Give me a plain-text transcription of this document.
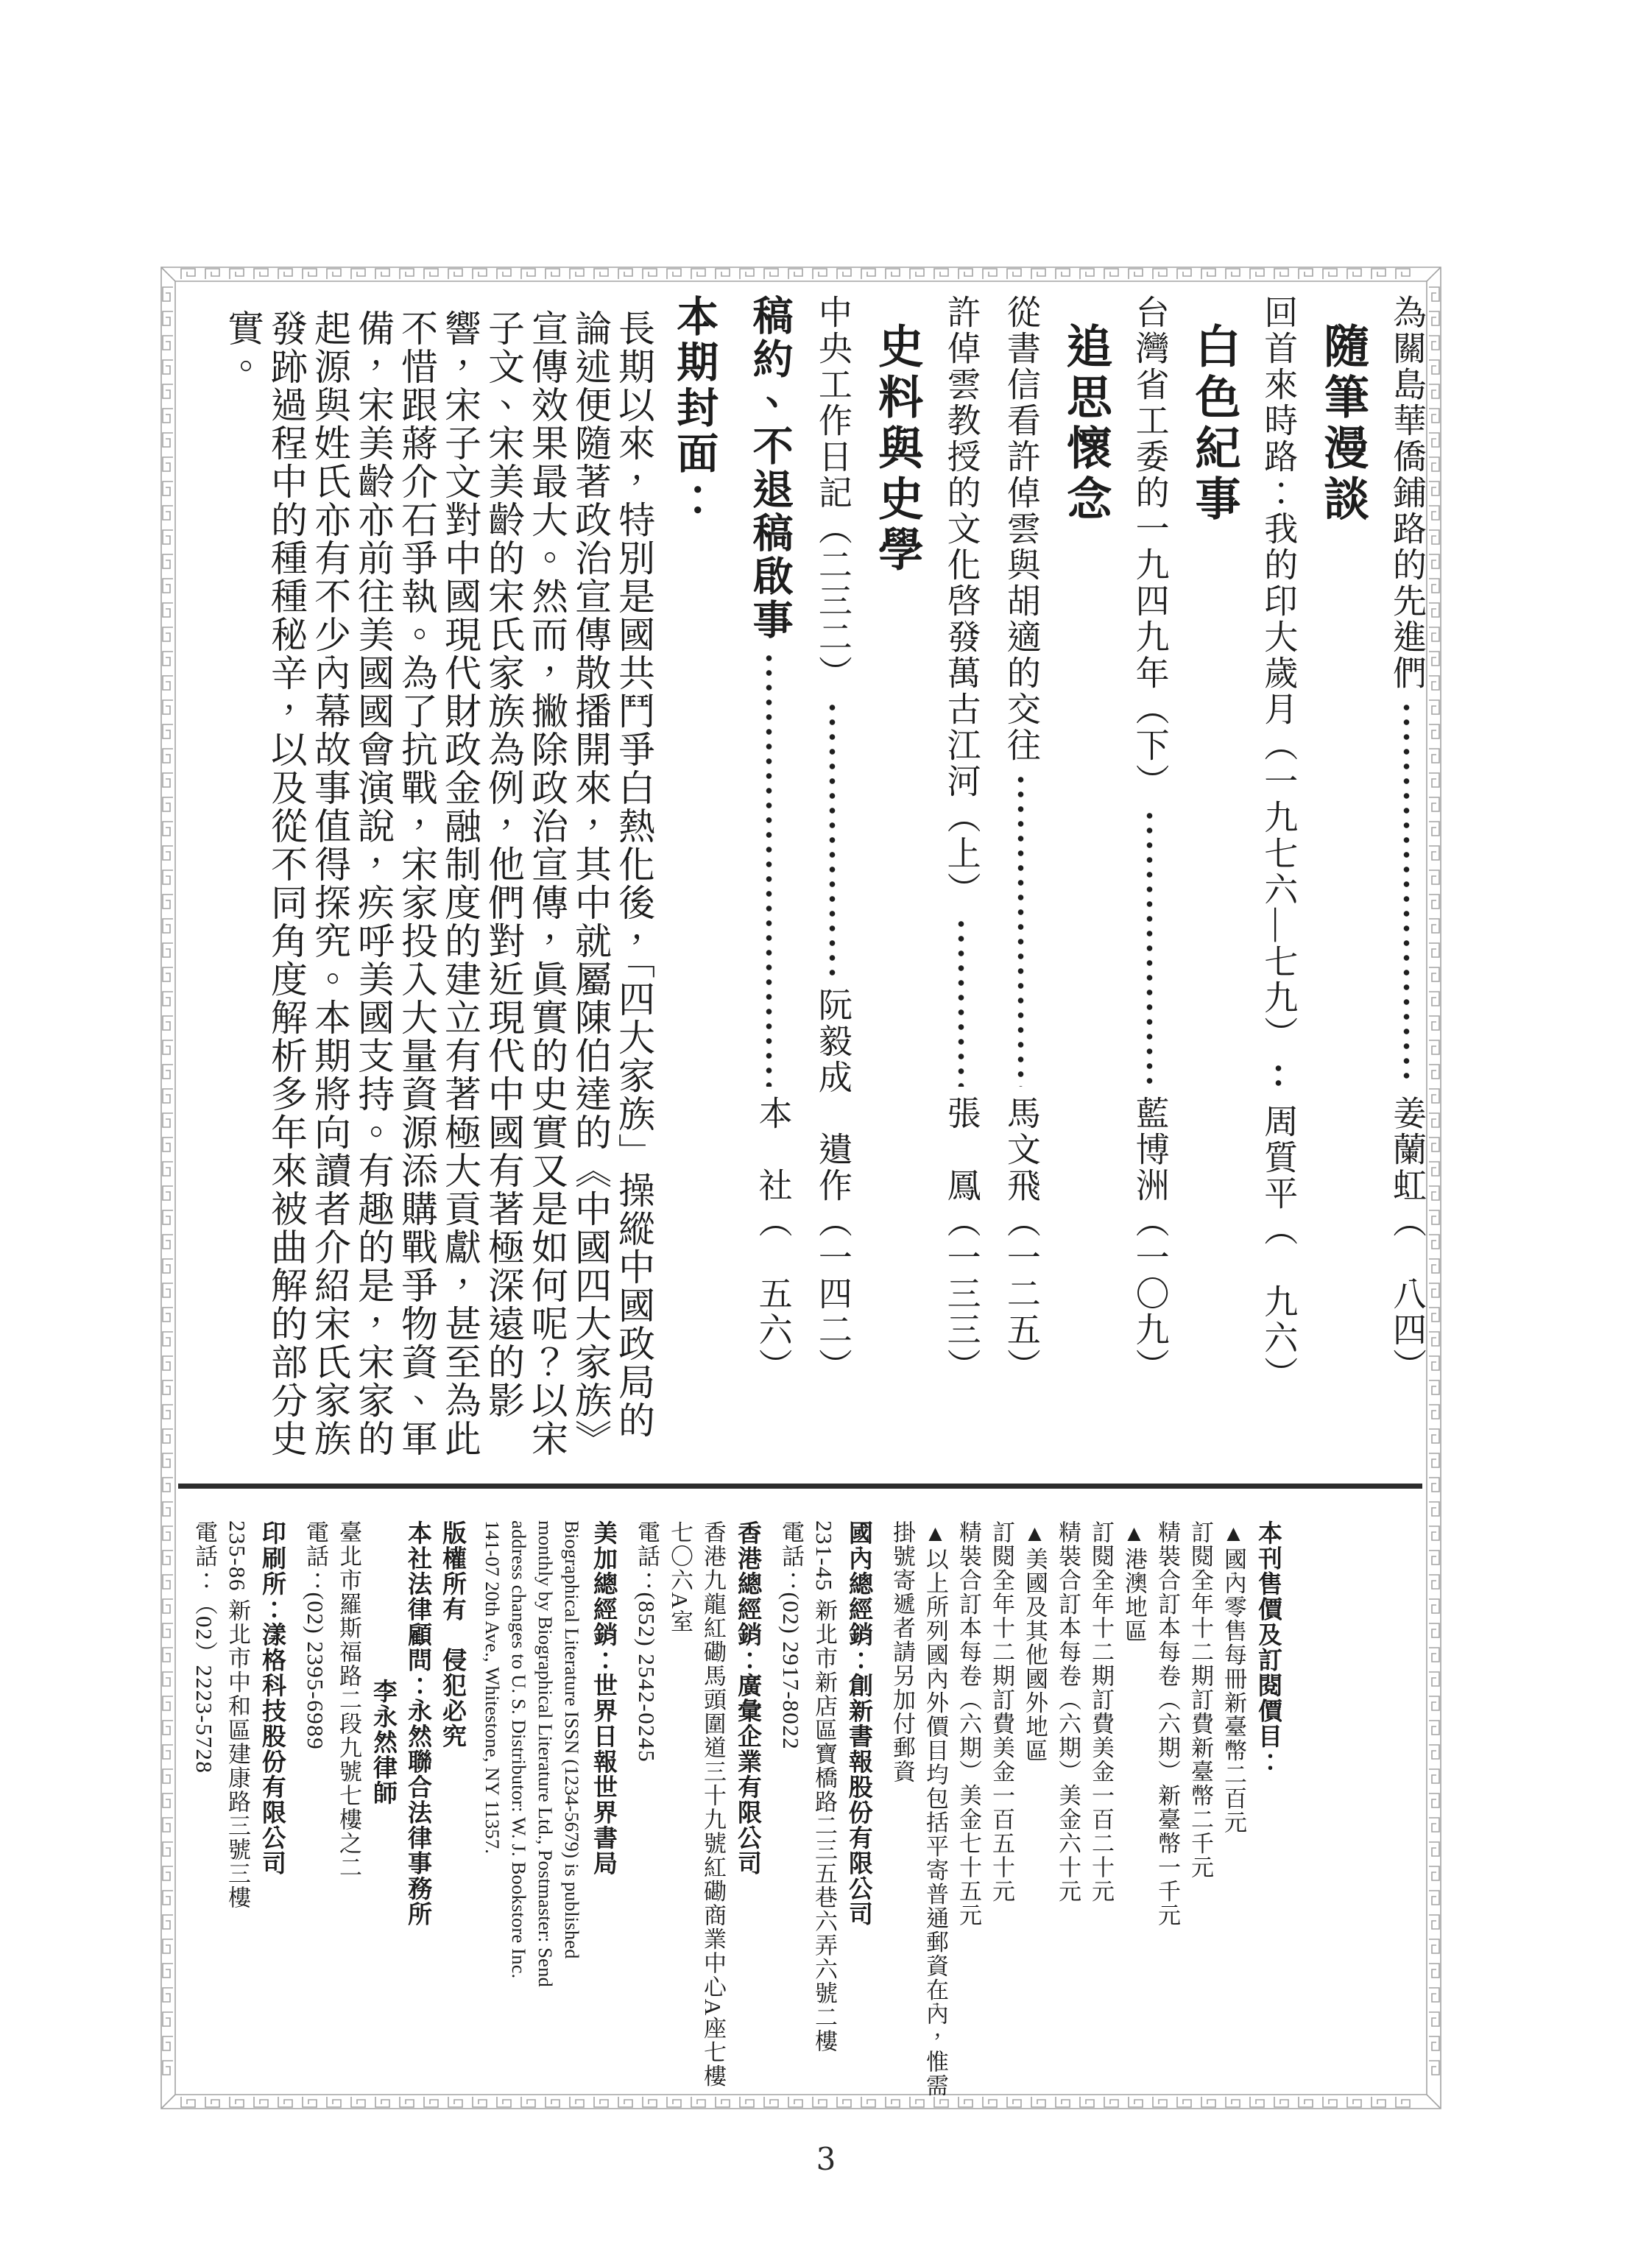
為關島華僑鋪路的先進們
姜蘭虹
（　八四）
隨筆漫談
回首來時路：我的印大歲月（一九七六—七九）
周質平
（　九六）
白色紀事
台灣省工委的一九四九年（下）
藍博洲
（一〇九）
追思懷念
從書信看許倬雲與胡適的交往
馬文飛
（一二五）
許倬雲教授的文化啓發萬古江河（上）
張　鳳
（一三三）
史料與史學
中央工作日記（二三二）
阮毅成　遺作
（一四二）
稿約、不退稿啟事
本　社
（　五六）
本期封面：
長期以來，特別是國共鬥爭白熱化後，「四大家族」操縱中國政局的論述便隨著政治宣傳散播開來，其中就屬陳伯達的《中國四大家族》宣傳效果最大。然而，撇除政治宣傳，眞實的史實又是如何呢？以宋子文、宋美齡的宋氏家族為例，他們對近現代中國有著極深遠的影響，宋子文對中國現代財政金融制度的建立有著極大貢獻，甚至為此不惜跟蔣介石爭執。為了抗戰，宋家投入大量資源添購戰爭物資、軍備，宋美齡亦前往美國國會演說，疾呼美國支持。有趣的是，宋家的起源與姓氏亦有不少內幕故事值得探究。本期將向讀者介紹宋氏家族發跡過程中的種種秘辛，以及從不同角度解析多年來被曲解的部分史實。
本刊售價及訂閱價目：
▲國內零售每冊新臺幣二百元
訂閱全年十二期訂費新臺幣二千元
精裝合訂本每卷（六期）新臺幣一千元
▲港澳地區
訂閱全年十二期訂費美金一百二十元
精裝合訂本每卷（六期）美金六十元
▲美國及其他國外地區
訂閱全年十二期訂費美金一百五十元
精裝合訂本每卷（六期）美金七十五元
▲以上所列國內外價目均包括平寄普通郵資在內，惟需
掛號寄遞者請另加付郵資
國內總經銷：創新書報股份有限公司
231-45 新北市新店區寶橋路二三五巷六弄六號二樓
電話：(02) 2917-8022
香港總經銷：廣彙企業有限公司
香港九龍紅磡馬頭圍道三十九號紅磡商業中心A座七樓
七〇六A室
電話：(852) 2542-0245
美加總經銷：世界日報世界書局
Biographical Literature ISSN (1234-5679) is published
monthly by Biographical Literature Ltd., Postmaster: Send
address changes to U. S. Distributor: W. J. Bookstore Inc.
141-07 20th Ave., Whitestone, NY 11357.
版權所有　侵犯必究
本社法律顧問：永然聯合法律事務所
李永然律師
臺北市羅斯福路二段九號七樓之二
電話：(02) 2395-6989
印刷所：漾格科技股份有限公司
235-86 新北市中和區建康路三號三樓
電話：（02）2223-5728
3
